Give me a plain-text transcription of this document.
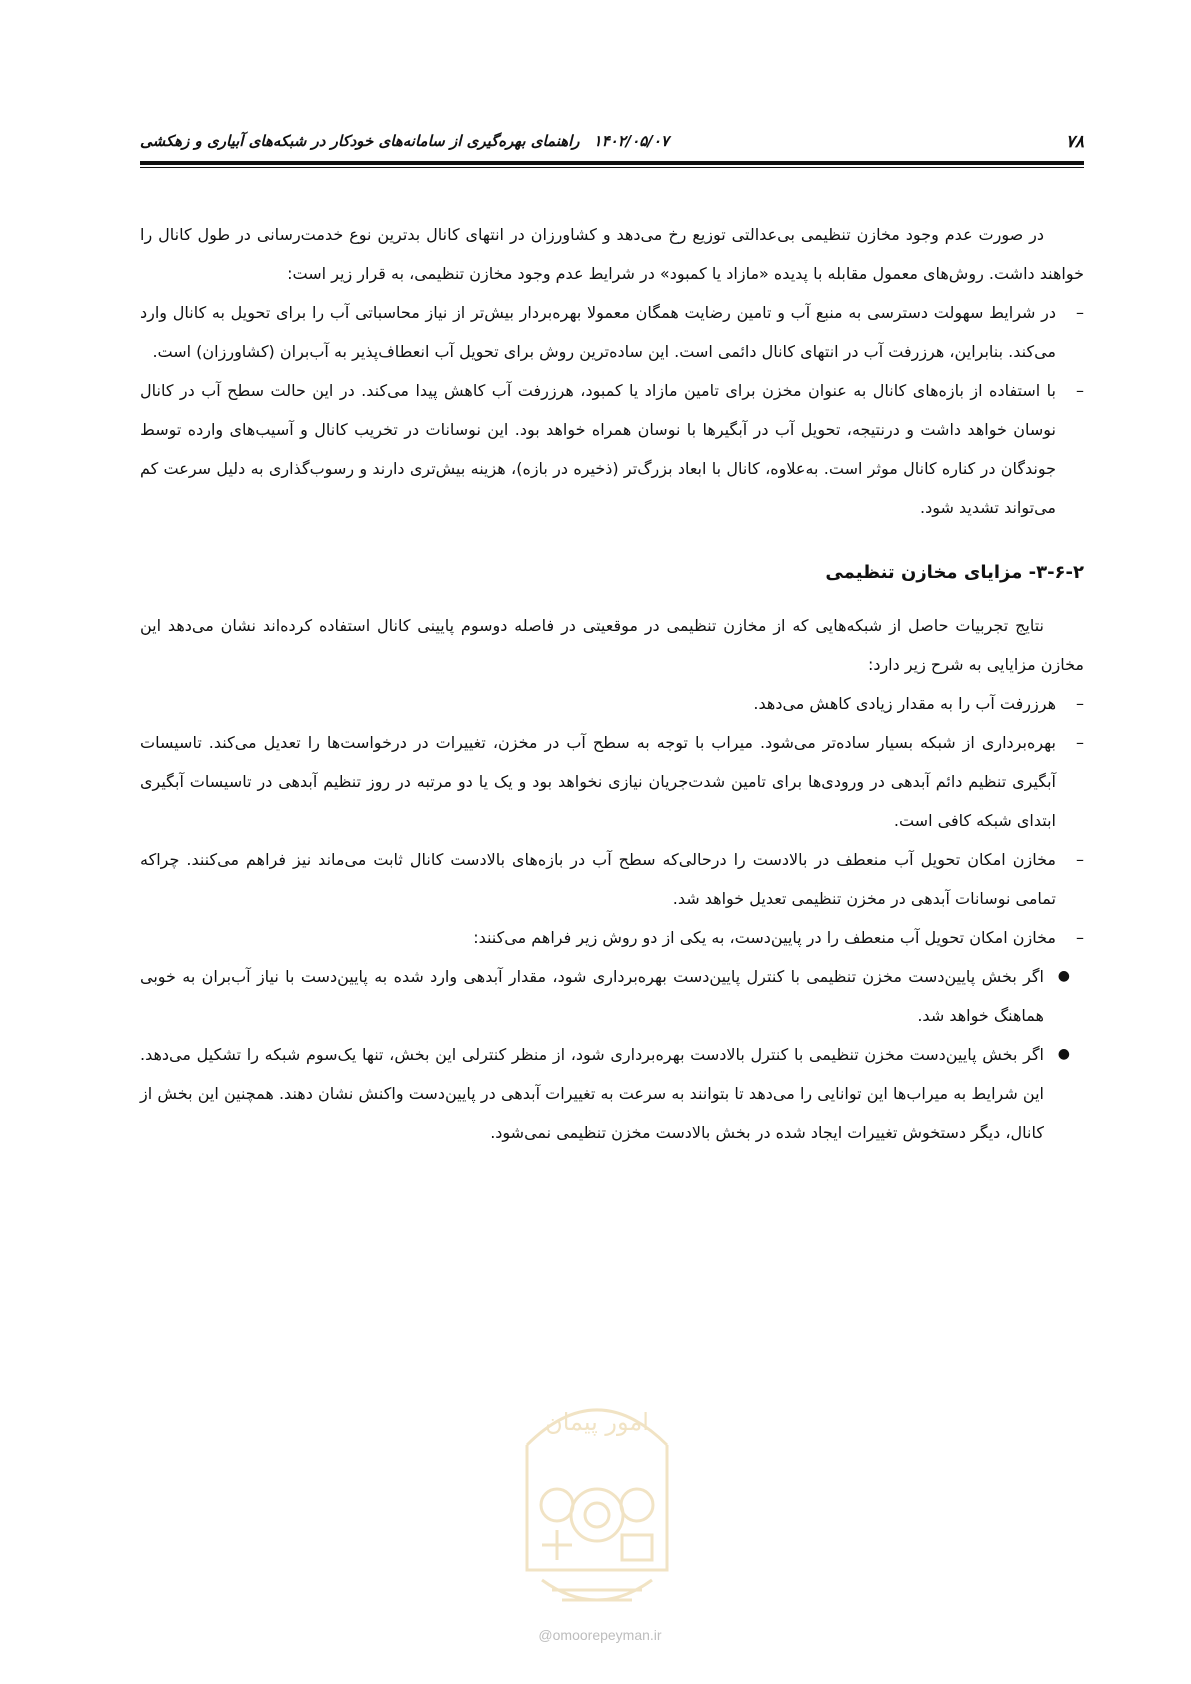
۷۸
۱۴۰۲/۰۵/۰۷راهنمای بهره‌گیری از سامانه‌های خودکار در شبکه‌های آبیاری و زهکشی

در صورت عدم وجود مخازن تنظیمی بی‌عدالتی توزیع رخ می‌دهد و کشاورزان در انتهای کانال بدترین نوع خدمت‌رسانی در طول کانال را خواهند داشت. روش‌های معمول مقابله با پدیده «مازاد یا کمبود» در شرایط عدم وجود مخازن تنظیمی، به قرار زیر است:

–
در شرایط سهولت دسترسی به منبع آب و تامین رضایت همگان معمولا بهره‌بردار بیش‌تر از نیاز محاسباتی آب را برای تحویل به کانال وارد می‌کند. بنابراین، هرزرفت آب در انتهای کانال دائمی است. این ساده‌ترین روش برای تحویل آب انعطاف‌پذیر به آب‌بران (کشاورزان) است.

–
با استفاده از بازه‌های کانال به عنوان مخزن برای تامین مازاد یا کمبود، هرزرفت آب کاهش پیدا می‌کند. در این حالت سطح آب در کانال نوسان خواهد داشت و درنتیجه، تحویل آب در آبگیرها با نوسان همراه خواهد بود. این نوسانات در تخریب کانال و آسیب‌های وارده توسط جوندگان در کناره کانال موثر است. به‌علاوه، کانال با ابعاد بزرگ‌تر (ذخیره در بازه)، هزینه بیش‌تری دارند و رسوب‌گذاری به دلیل سرعت کم می‌تواند تشدید شود.

۳-۶-۲- مزایای مخازن تنظیمی

نتایج تجربیات حاصل از شبکه‌هایی که از مخازن تنظیمی در موقعیتی در فاصله دوسوم پایینی کانال استفاده کرده‌اند نشان می‌دهد این مخازن مزایایی به شرح زیر دارد:

–
هرزرفت آب را به مقدار زیادی کاهش می‌دهد.

–
بهره‌برداری از شبکه بسیار ساده‌تر می‌شود. میراب با توجه به سطح آب در مخزن، تغییرات در درخواست‌ها را تعدیل می‌کند. تاسیسات آبگیری تنظیم دائم آبدهی در ورودی‌ها برای تامین شدت‌جریان نیازی نخواهد بود و یک یا دو مرتبه در روز تنظیم آبدهی در تاسیسات آبگیری ابتدای شبکه کافی است.

–
مخازن امکان تحویل آب منعطف در بالادست را درحالی‌که سطح آب در بازه‌های بالادست کانال ثابت می‌ماند نیز فراهم می‌کنند. چراکه تمامی نوسانات آبدهی در مخزن تنظیمی تعدیل خواهد شد.

–
مخازن امکان تحویل آب منعطف را در پایین‌دست، به یکی از دو روش زیر فراهم می‌کنند:

●
اگر بخش پایین‌دست مخزن تنظیمی با کنترل پایین‌دست بهره‌برداری شود، مقدار آبدهی وارد شده به پایین‌دست با نیاز آب‌بران به خوبی هماهنگ خواهد شد.

●
اگر بخش پایین‌دست مخزن تنظیمی با کنترل بالادست بهره‌برداری شود، از منظر کنترلی این بخش، تنها یک‌سوم شبکه را تشکیل می‌دهد. این شرایط به میراب‌ها این توانایی را می‌دهد تا بتوانند به سرعت به تغییرات آبدهی در پایین‌دست واکنش نشان دهند. همچنین این بخش از کانال، دیگر دستخوش تغییرات ایجاد شده در بخش بالادست مخزن تنظیمی نمی‌شود.

امور پیمان
@omoorepeyman.ir
